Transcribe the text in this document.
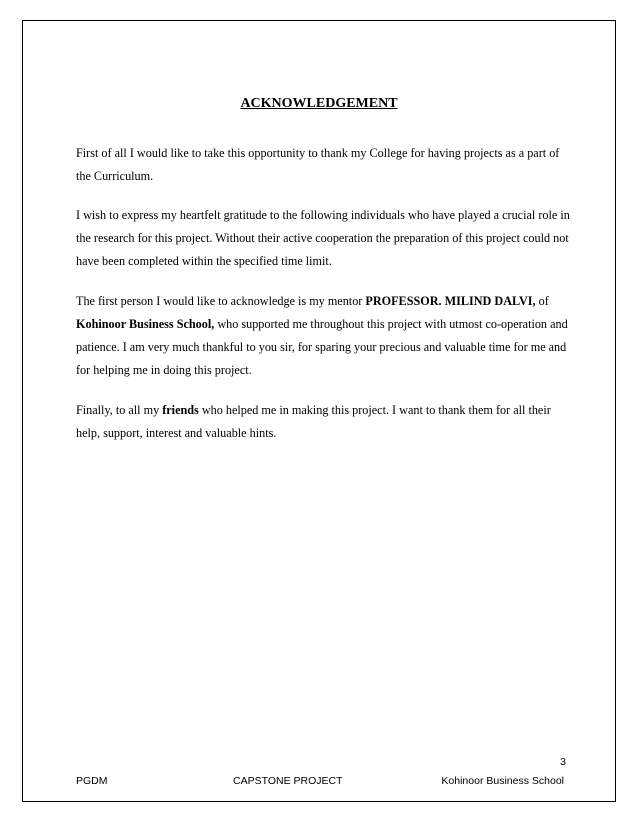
ACKNOWLEDGEMENT

First of all I would like to take this opportunity to thank my College for having projects as a part of the Curriculum.

I wish to express my heartfelt gratitude to the following individuals who have played a crucial role in the research for this project. Without their active cooperation the preparation of this project could not have been completed within the specified time limit.

The first person I would like to acknowledge is my mentor PROFESSOR. MILIND DALVI, of Kohinoor Business School, who supported me throughout this project with utmost co-operation and patience. I am very much thankful to you sir, for sparing your precious and valuable time for me and for helping me in doing this project.

Finally, to all my friends who helped me in making this project. I want to thank them for all their help, support, interest and valuable hints.

3
PGDM	CAPSTONE PROJECT	Kohinoor Business School
